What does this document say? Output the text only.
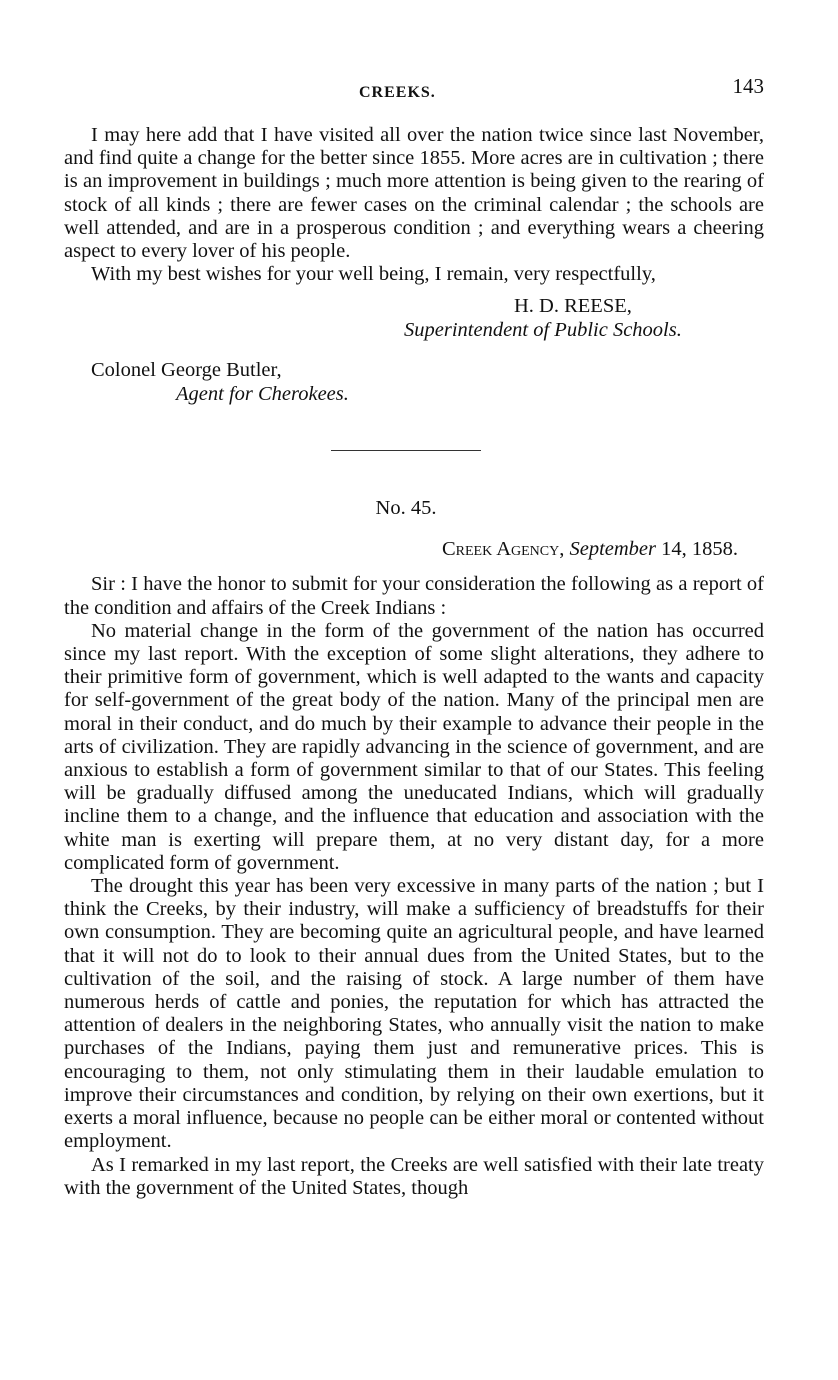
CREEKS.	143

I may here add that I have visited all over the nation twice since last November, and find quite a change for the better since 1855. More acres are in cultivation ; there is an improvement in buildings ; much more attention is being given to the rearing of stock of all kinds ; there are fewer cases on the criminal calendar ; the schools are well attended, and are in a prosperous condition ; and everything wears a cheering aspect to every lover of his people.

With my best wishes for your well being, I remain, very respectfully,

H. D. REESE,
Superintendent of Public Schools.
Colonel George Butler,
Agent for Cherokees.
No. 45.
Creek Agency, September 14, 1858.

Sir : I have the honor to submit for your consideration the following as a report of the condition and affairs of the Creek Indians :

No material change in the form of the government of the nation has occurred since my last report. With the exception of some slight alterations, they adhere to their primitive form of government, which is well adapted to the wants and capacity for self-government of the great body of the nation. Many of the principal men are moral in their conduct, and do much by their example to advance their people in the arts of civilization. They are rapidly advancing in the science of government, and are anxious to establish a form of government similar to that of our States. This feeling will be gradually diffused among the uneducated Indians, which will gradually incline them to a change, and the influence that education and association with the white man is exerting will prepare them, at no very distant day, for a more complicated form of government.

The drought this year has been very excessive in many parts of the nation ; but I think the Creeks, by their industry, will make a sufficiency of breadstuffs for their own consumption. They are becoming quite an agricultural people, and have learned that it will not do to look to their annual dues from the United States, but to the cultivation of the soil, and the raising of stock. A large number of them have numerous herds of cattle and ponies, the reputation for which has attracted the attention of dealers in the neighboring States, who annually visit the nation to make purchases of the Indians, paying them just and remunerative prices. This is encouraging to them, not only stimulating them in their laudable emulation to improve their circumstances and condition, by relying on their own exertions, but it exerts a moral influence, because no people can be either moral or contented without employment.

As I remarked in my last report, the Creeks are well satisfied with their late treaty with the government of the United States, though
